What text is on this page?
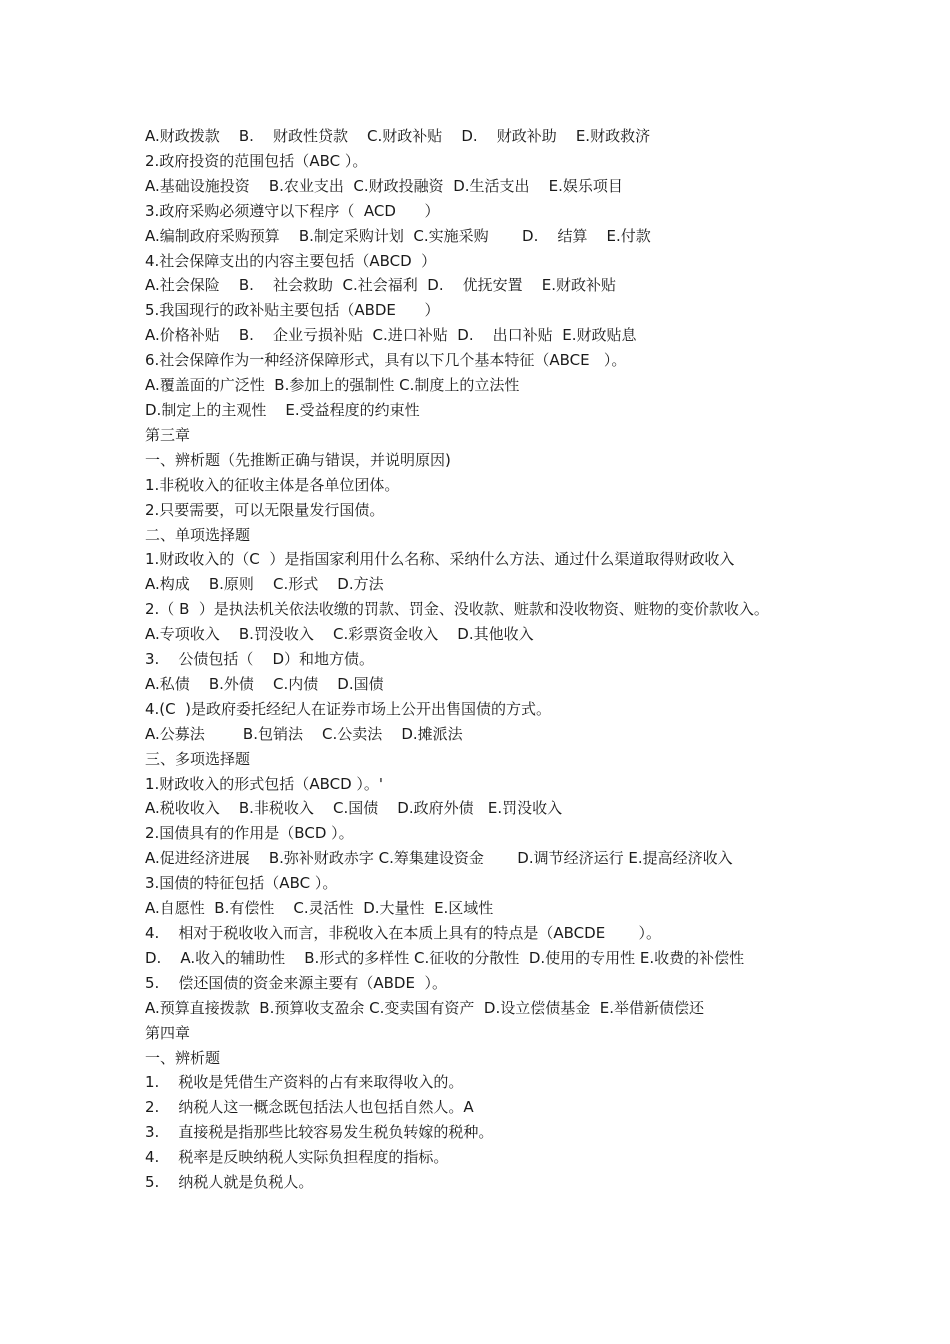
A.财政拨款    B.    财政性贷款    C.财政补贴    D.    财政补助    E.财政救济
2.政府投资的范围包括（ABC ）。
A.基础设施投资    B.农业支出  C.财政投融资  D.生活支出    E.娱乐项目
3.政府采购必须遵守以下程序（  ACD      ）
A.编制政府采购预算    B.制定采购计划  C.实施采购       D.    结算    E.付款
4.社会保障支出的内容主要包括（ABCD  ）
A.社会保险    B.    社会救助  C.社会福利  D.    优抚安置    E.财政补贴
5.我国现行的政补贴主要包括（ABDE      ）
A.价格补贴    B.    企业亏损补贴  C.进口补贴  D.    出口补贴  E.财政贴息
6.社会保障作为一种经济保障形式，具有以下几个基本特征（ABCE   ）。
A.覆盖面的广泛性  B.参加上的强制性 C.制度上的立法性
D.制定上的主观性    E.受益程度的约束性
第三章
一、辨析题（先推断正确与错误，并说明原因)
1.非税收入的征收主体是各单位团体。
2.只要需要，可以无限量发行国债。
二、单项选择题
1.财政收入的（C  ）是指国家利用什么名称、采纳什么方法、通过什么渠道取得财政收入
A.构成    B.原则    C.形式    D.方法
2.（ B  ）是执法机关依法收缴的罚款、罚金、没收款、赃款和没收物资、赃物的变价款收入。
A.专项收入    B.罚没收入    C.彩票资金收入    D.其他收入
3.    公债包括（    D）和地方债。
A.私债    B.外债    C.内债    D.国债
4.(C  )是政府委托经纪人在证券市场上公开出售国债的方式。
A.公募法        B.包销法    C.公卖法    D.摊派法
三、多项选择题
1.财政收入的形式包括（ABCD ）。'
A.税收收入    B.非税收入    C.国债    D.政府外债   E.罚没收入
2.国债具有的作用是（BCD ）。
A.促进经济进展    B.弥补财政赤字 C.筹集建设资金       D.调节经济运行 E.提高经济收入
3.国债的特征包括（ABC ）。
A.自愿性  B.有偿性    C.灵活性  D.大量性  E.区域性
4.    相对于税收收入而言，非税收入在本质上具有的特点是（ABCDE       ）。
D.    A.收入的辅助性    B.形式的多样性 C.征收的分散性  D.使用的专用性 E.收费的补偿性
5.    偿还国债的资金来源主要有（ABDE  ）。
A.预算直接拨款  B.预算收支盈余 C.变卖国有资产  D.设立偿债基金  E.举借新债偿还
第四章
一、辨析题
1.    税收是凭借生产资料的占有来取得收入的。
2.    纳税人这一概念既包括法人也包括自然人。A
3.    直接税是指那些比较容易发生税负转嫁的税种。
4.    税率是反映纳税人实际负担程度的指标。
5.    纳税人就是负税人。
